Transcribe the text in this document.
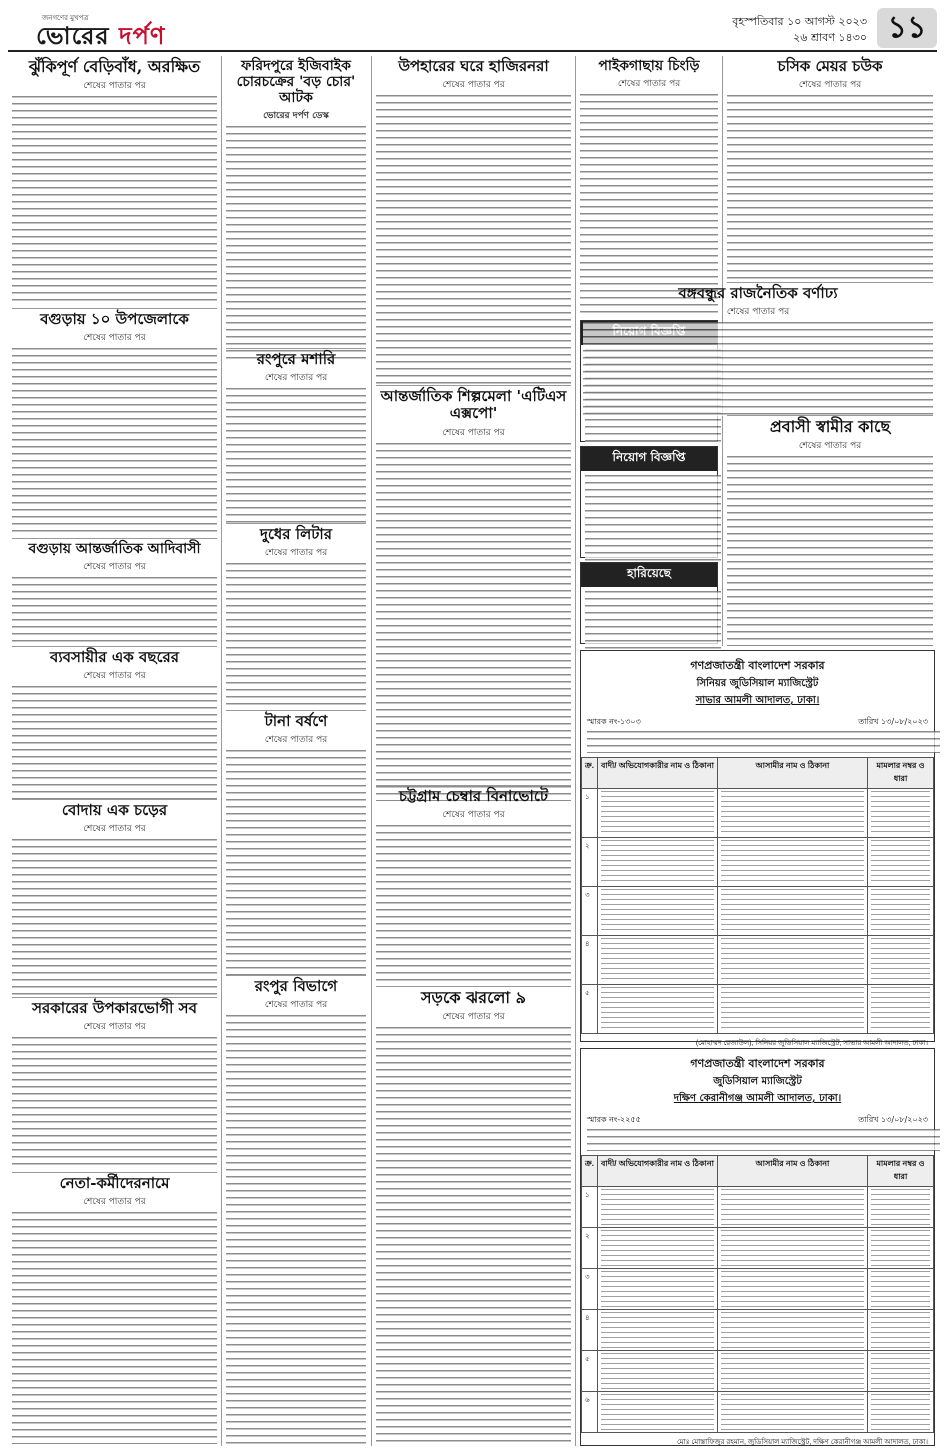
জনগণের মুখপত্র
ভোরের দর্পণ	বৃহস্পতিবার ১০ আগস্ট ২০২৩
২৬ শ্রাবণ ১৪৩০ ১১
ঝুঁকিপূর্ণ বেড়িবাঁধ, অরক্ষিত
শেষের পাতার পর
বগুড়ায় ১০ উপজেলাকে
শেষের পাতার পর
বগুড়ায় আন্তর্জাতিক আদিবাসী
শেষের পাতার পর
ব্যবসায়ীর এক বছরের
শেষের পাতার পর
বোদায় এক চড়ের
শেষের পাতার পর
সরকারের উপকারভোগী সব
শেষের পাতার পর
নেতা-কর্মীদেরনামে
শেষের পাতার পর
ফরিদপুরে ইজিবাইক চোরচক্রের 'বড় চোর' আটক
ভোরের দর্পণ ডেস্ক
রংপুরে মশারি
শেষের পাতার পর
দুধের লিটার
শেষের পাতার পর
টানা বর্ষণে
শেষের পাতার পর
রংপুর বিভাগে
শেষের পাতার পর
উপহারের ঘরে হাজিরনরা
শেষের পাতার পর
আন্তর্জাতিক শিল্পমেলা 'এটিএস এক্সপো'
শেষের পাতার পর
চট্টগ্রাম চেম্বার বিনাভোটে
শেষের পাতার পর
সড়কে ঝরলো ৯
শেষের পাতার পর
পাইকগাছায় চিংড়ি
শেষের পাতার পর
নিয়োগ বিজ্ঞপ্তি
হারিয়েছে
চসিক মেয়র চউক
শেষের পাতার পর
বঙ্গবন্ধুর রাজনৈতিক বর্ণাঢ্য
শেষের পাতার পর
প্রবাসী স্বামীর কাছে
শেষের পাতার পর
গণপ্রজাতন্ত্রী বাংলাদেশ সরকার
সিনিয়র জুডিসিয়াল ম্যাজিস্ট্রেট
সাভার আমলী আদালত, ঢাকা।
স্মারক নং-১৩০৩	তারিখ ১৩/০৮/২০২৩
ক্র.	বাদী/ অভিযোগকারীর নাম ও ঠিকানা	আসামীর নাম ও ঠিকানা	মামলার নম্বর ও ধারা
১	

২	

৩	

৪	

৫	

(মোহাম্মদ রেজাউল), সিনিয়র জুডিসিয়াল ম্যাজিস্ট্রেট, সাভার আমলী আদালত, ঢাকা।
গণপ্রজাতন্ত্রী বাংলাদেশ সরকার
জুডিসিয়াল ম্যাজিস্ট্রেট
দক্ষিণ কেরানীগঞ্জ আমলী আদালত, ঢাকা।
স্মারক নং-২২৫৫	তারিখ ১৩/০৮/২০২৩
ক্র.	বাদী/ অভিযোগকারীর নাম ও ঠিকানা	আসামীর নাম ও ঠিকানা	মামলার নম্বর ও ধারা
১	

২	

৩	

৪	

৫	

৬	

মোঃ মোস্তাফিজুর রহমান, জুডিসিয়াল ম্যাজিস্ট্রেট, দক্ষিণ কেরানীগঞ্জ আমলী আদালত, ঢাকা।
